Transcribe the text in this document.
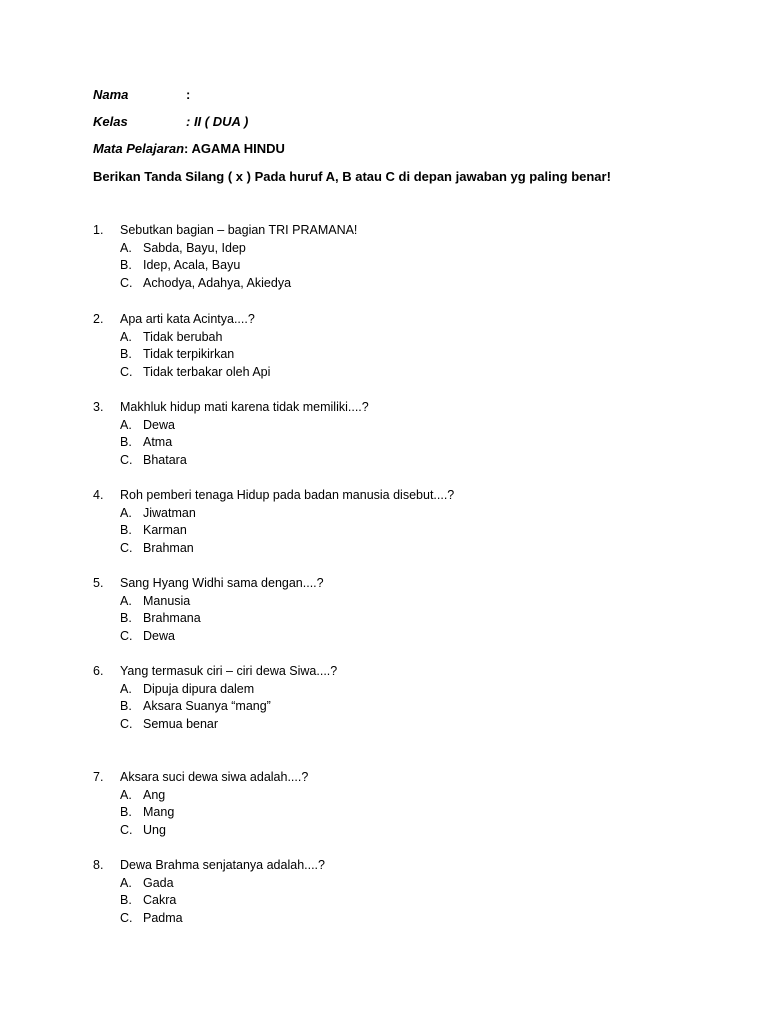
Nama	:
Kelas	: II ( DUA )
Mata Pelajaran: AGAMA HINDU
Berikan Tanda Silang ( x ) Pada huruf A, B atau C di depan jawaban yg paling benar!
1. Sebutkan bagian – bagian TRI PRAMANA!
A. Sabda, Bayu, Idep
B. Idep, Acala, Bayu
C. Achodya, Adahya, Akiedya
2. Apa arti kata Acintya....?
A. Tidak berubah
B. Tidak terpikirkan
C. Tidak terbakar oleh Api
3. Makhluk hidup mati karena tidak memiliki....?
A. Dewa
B. Atma
C. Bhatara
4. Roh pemberi tenaga Hidup pada badan manusia disebut....?
A. Jiwatman
B. Karman
C. Brahman
5. Sang Hyang Widhi sama dengan....?
A. Manusia
B. Brahmana
C. Dewa
6. Yang termasuk ciri – ciri dewa Siwa....?
A. Dipuja dipura dalem
B. Aksara Suanya “mang”
C. Semua benar
7. Aksara suci dewa siwa adalah....?
A. Ang
B. Mang
C. Ung
8. Dewa Brahma senjatanya adalah....?
A. Gada
B. Cakra
C. Padma
